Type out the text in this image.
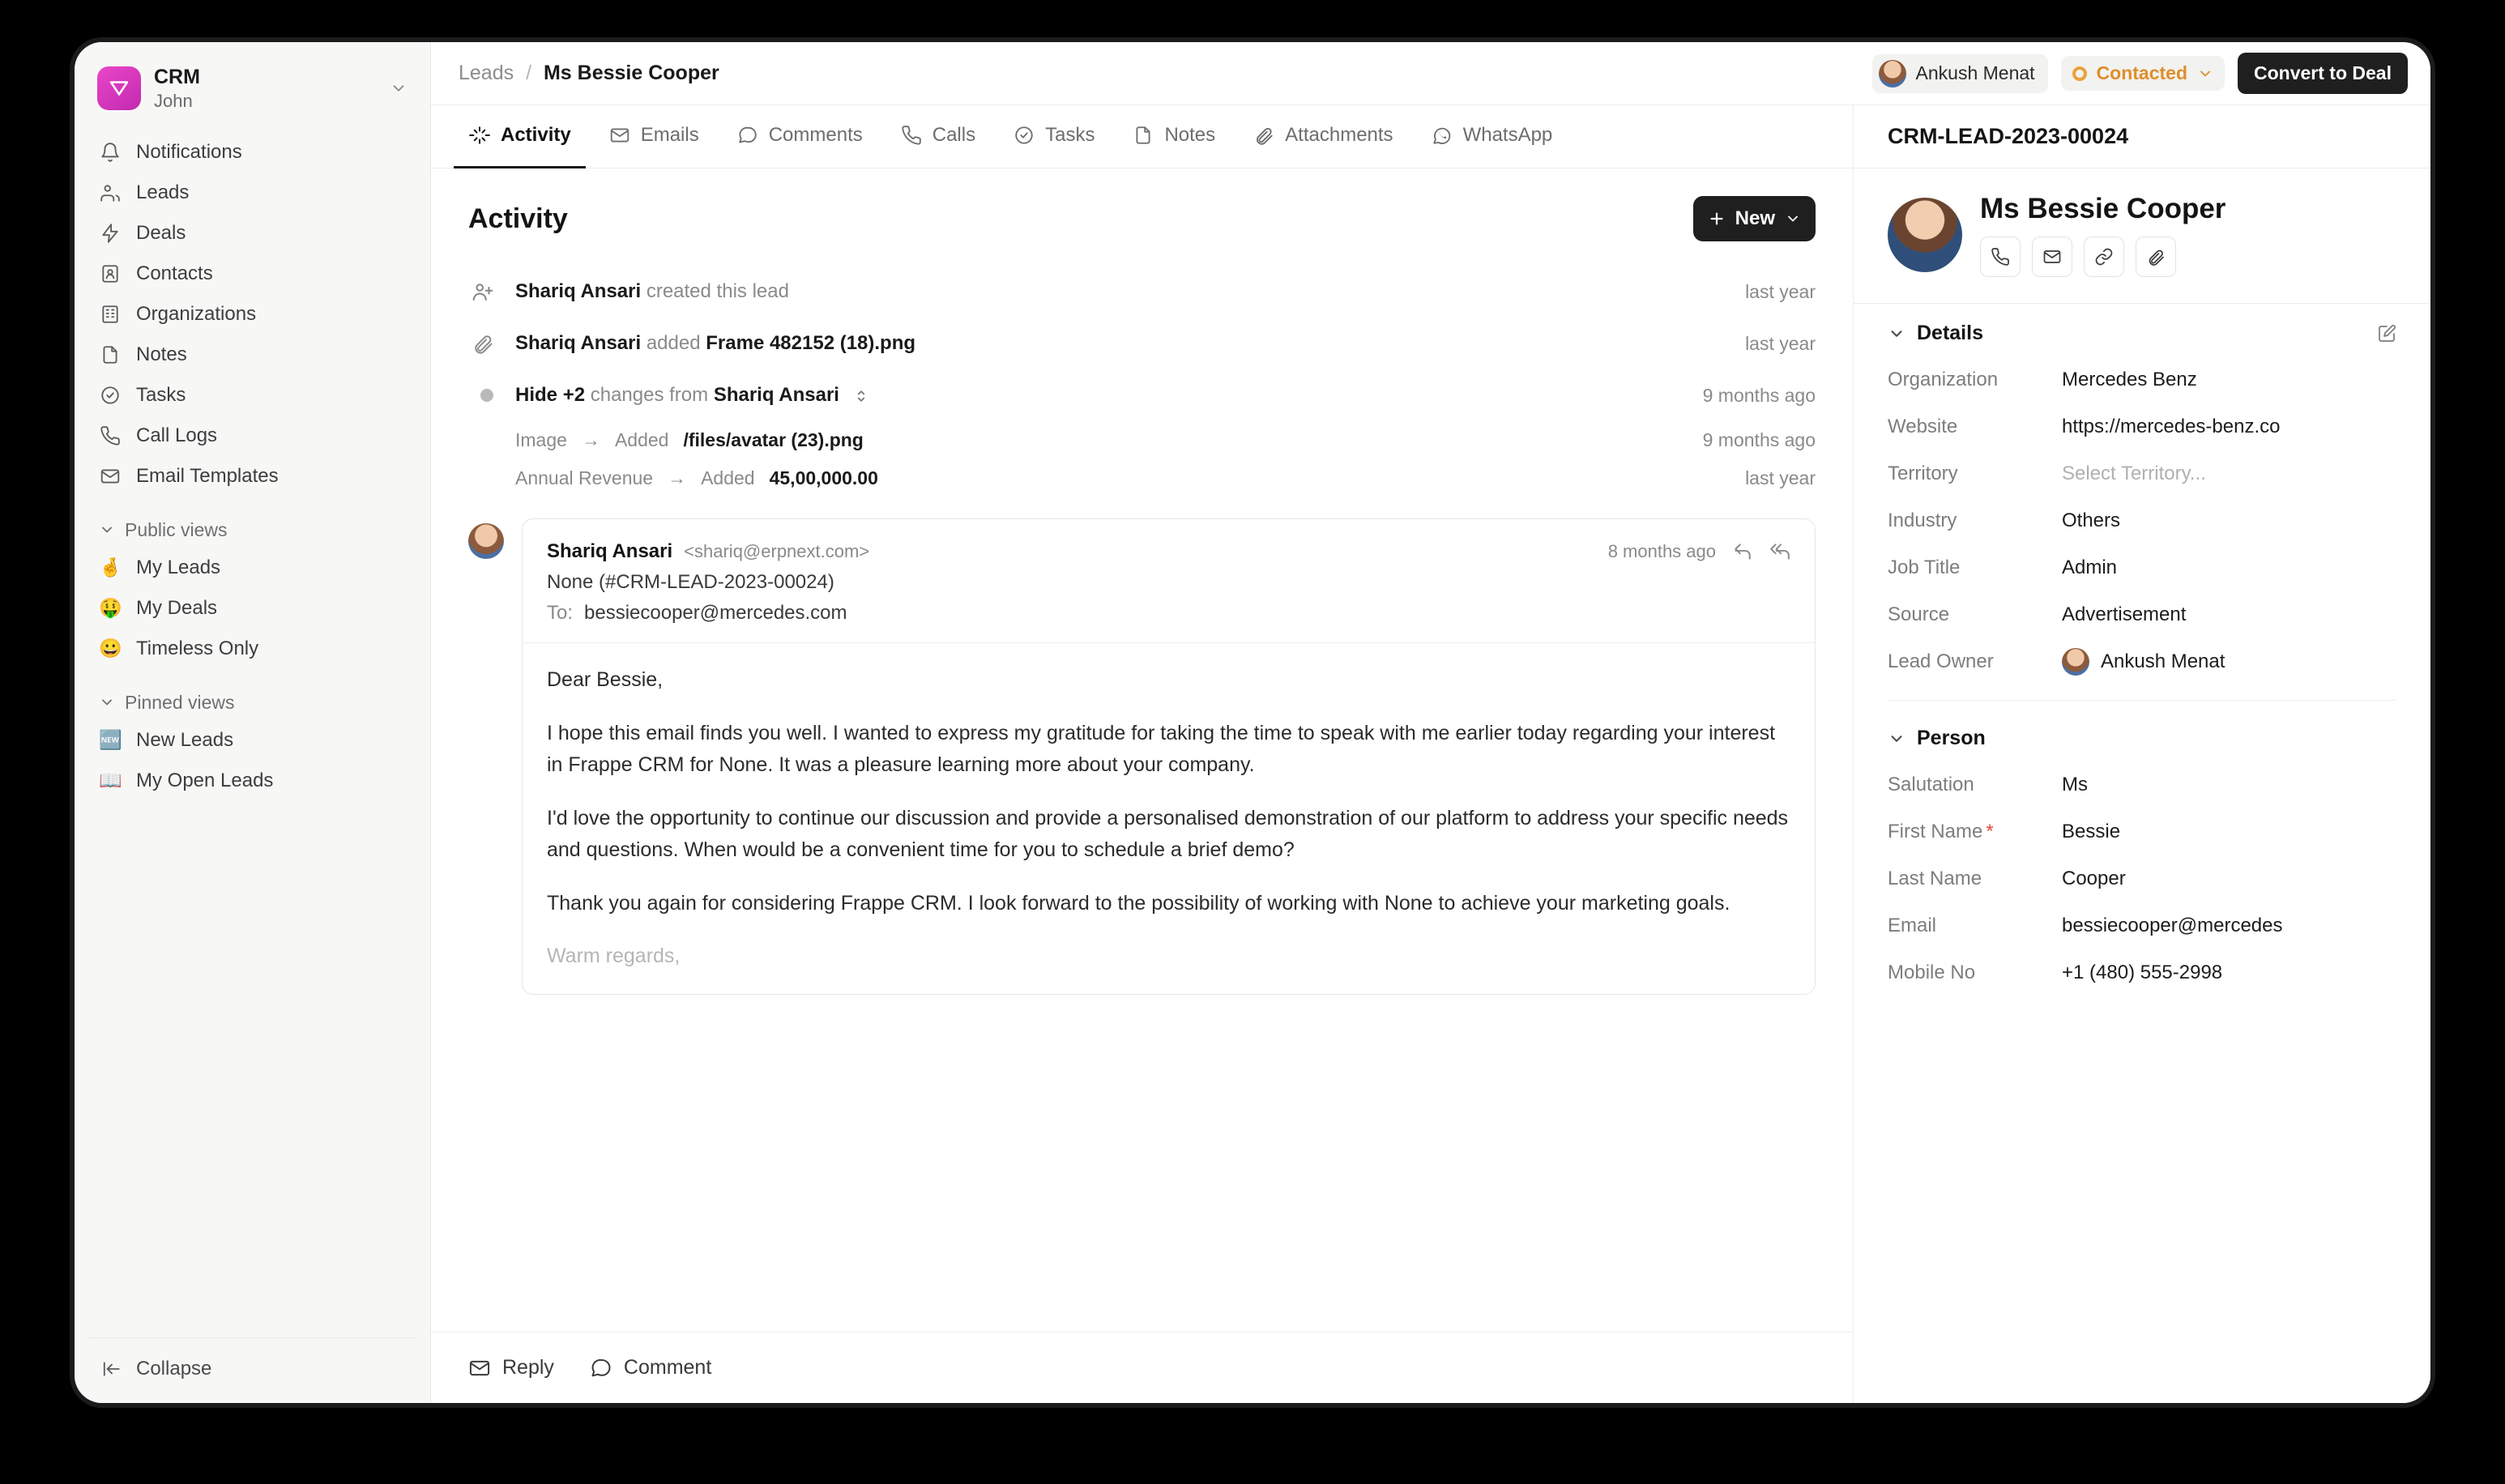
CRM
John
Notifications
Leads
Deals
Contacts
Organizations
Notes
Tasks
Call Logs
Email Templates
Public views
🤞 My Leads
🤑 My Deals
😀 Timeless Only
Pinned views
🆕 New Leads
📖 My Open Leads
Collapse
Leads / Ms Bessie Cooper	Ankush Menat	Contacted	Convert to Deal
Activity	Emails	Comments	Calls	Tasks	Notes	Attachments	WhatsApp
Activity	New
Shariq Ansari created this lead	last year
Shariq Ansari added Frame 482152 (18).png	last year
Hide +2 changes from Shariq Ansari	9 months ago
Image → Added /files/avatar (23).png	9 months ago
Annual Revenue → Added 45,00,000.00	last year
Shariq Ansari <shariq@erpnext.com>	8 months ago
None (#CRM-LEAD-2023-00024)
To: bessiecooper@mercedes.com

Dear Bessie,

I hope this email finds you well. I wanted to express my gratitude for taking the time to speak with me earlier today regarding your interest in Frappe CRM for None. It was a pleasure learning more about your company.

I'd love the opportunity to continue our discussion and provide a personalised demonstration of our platform to address your specific needs and questions. When would be a convenient time for you to schedule a brief demo?

Thank you again for considering Frappe CRM. I look forward to the possibility of working with None to achieve your marketing goals.

Warm regards,

Reply	Comment
CRM-LEAD-2023-00024
Ms Bessie Cooper
Details
Organization	Mercedes Benz
Website	https://mercedes-benz.co
Territory	Select Territory...
Industry	Others
Job Title	Admin
Source	Advertisement
Lead Owner	Ankush Menat
Person
Salutation	Ms
First Name *	Bessie
Last Name	Cooper
Email	bessiecooper@mercedes
Mobile No	+1 (480) 555-2998
